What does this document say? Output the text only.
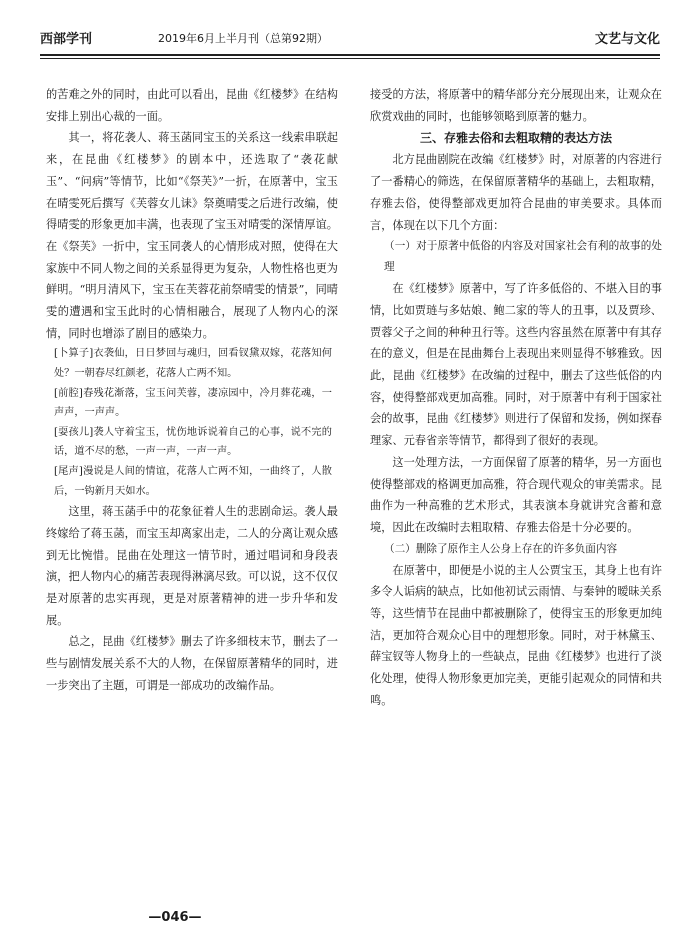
西部学刊	2019年6月上半月刊（总第92期）	文艺与文化

的苦难之外的同时，由此可以看出，昆曲《红楼梦》在结构安排上别出心裁的一面。

其一，将花袭人、蒋玉菡同宝玉的关系这一线索串联起来，在昆曲《红楼梦》的剧本中，还选取了“袭花献玉”、“问病”等情节，比如“《祭芙》”一折，在原著中，宝玉在晴雯死后撰写《芙蓉女儿诔》祭奠晴雯之后进行改编，使得晴雯的形象更加丰满，也表现了宝玉对晴雯的深情厚谊。在《祭芙》一折中，宝玉同袭人的心情形成对照，使得在大家族中不同人物之间的关系显得更为复杂，人物性格也更为鲜明。“明月清风下，宝玉在芙蓉花前祭晴雯的情景”，同晴雯的遭遇和宝玉此时的心情相融合，展现了人物内心的深情，同时也增添了剧目的感染力。

[卜算子]衣袭仙，日日梦回与魂归，回看钗黛双嫁，花落知何处？一朝春尽红颜老，花落人亡两不知。

[前腔]春残花渐落，宝玉问芙蓉，凄凉园中，冷月葬花魂，一声声，一声声。

[耍孩儿]袭人守着宝玉，忧伤地诉说着自己的心事，说不完的话，道不尽的愁，一声一声，一声一声。

[尾声]漫说是人间的情谊，花落人亡两不知，一曲终了，人散后，一钩新月天如水。

这里，蒋玉菡手中的花象征着人生的悲剧命运。袭人最终嫁给了蒋玉菡，而宝玉却离家出走，二人的分离让观众感到无比惋惜。昆曲在处理这一情节时，通过唱词和身段表演，把人物内心的痛苦表现得淋漓尽致。可以说，这不仅仅是对原著的忠实再现，更是对原著精神的进一步升华和发展。

总之，昆曲《红楼梦》删去了许多细枝末节，删去了一些与剧情发展关系不大的人物，在保留原著精华的同时，进一步突出了主题，可谓是一部成功的改编作品。

接受的方法，将原著中的精华部分充分展现出来，让观众在欣赏戏曲的同时，也能够领略到原著的魅力。

三、存雅去俗和去粗取精的表达方法

北方昆曲剧院在改编《红楼梦》时，对原著的内容进行了一番精心的筛选，在保留原著精华的基础上，去粗取精，存雅去俗，使得整部戏更加符合昆曲的审美要求。具体而言，体现在以下几个方面：

（一）对于原著中低俗的内容及对国家社会有利的故事的处理

在《红楼梦》原著中，写了许多低俗的、不堪入目的事情，比如贾琏与多姑娘、鲍二家的等人的丑事，以及贾珍、贾蓉父子之间的种种丑行等。这些内容虽然在原著中有其存在的意义，但是在昆曲舞台上表现出来则显得不够雅致。因此，昆曲《红楼梦》在改编的过程中，删去了这些低俗的内容，使得整部戏更加高雅。同时，对于原著中有利于国家社会的故事，昆曲《红楼梦》则进行了保留和发扬，例如探春理家、元春省亲等情节，都得到了很好的表现。

这一处理方法，一方面保留了原著的精华，另一方面也使得整部戏的格调更加高雅，符合现代观众的审美需求。昆曲作为一种高雅的艺术形式，其表演本身就讲究含蓄和意境，因此在改编时去粗取精、存雅去俗是十分必要的。

（二）删除了原作主人公身上存在的许多负面内容

在原著中，即便是小说的主人公贾宝玉，其身上也有许多令人诟病的缺点，比如他初试云雨情、与秦钟的暧昧关系等，这些情节在昆曲中都被删除了，使得宝玉的形象更加纯洁，更加符合观众心目中的理想形象。同时，对于林黛玉、薛宝钗等人物身上的一些缺点，昆曲《红楼梦》也进行了淡化处理，使得人物形象更加完美，更能引起观众的同情和共鸣。

—046—
